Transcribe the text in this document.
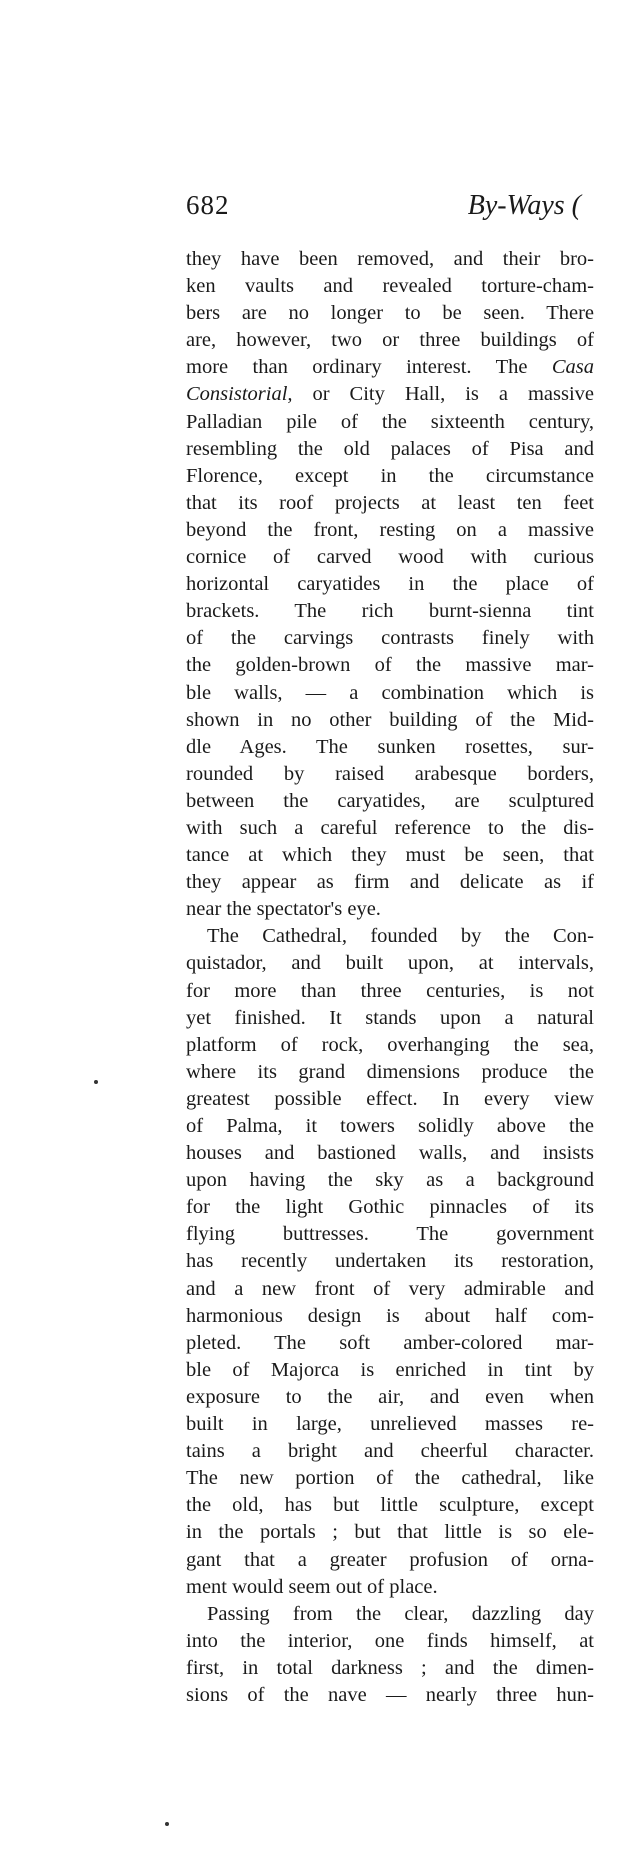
682	By-Ways (
they have been removed, and their bro-
ken vaults and revealed torture-cham-
bers are no longer to be seen. There
are, however, two or three buildings of
more than ordinary interest. The Casa
Consistorial, or City Hall, is a massive
Palladian pile of the sixteenth century,
resembling the old palaces of Pisa and
Florence, except in the circumstance
that its roof projects at least ten feet
beyond the front, resting on a massive
cornice of carved wood with curious
horizontal caryatides in the place of
brackets. The rich burnt-sienna tint
of the carvings contrasts finely with
the golden-brown of the massive mar-
ble walls, — a combination which is
shown in no other building of the Mid-
dle Ages. The sunken rosettes, sur-
rounded by raised arabesque borders,
between the caryatides, are sculptured
with such a careful reference to the dis-
tance at which they must be seen, that
they appear as firm and delicate as if
near the spectator's eye.
The Cathedral, founded by the Con-
quistador, and built upon, at intervals,
for more than three centuries, is not
yet finished. It stands upon a natural
platform of rock, overhanging the sea,
where its grand dimensions produce the
greatest possible effect. In every view
of Palma, it towers solidly above the
houses and bastioned walls, and insists
upon having the sky as a background
for the light Gothic pinnacles of its
flying buttresses. The government
has recently undertaken its restoration,
and a new front of very admirable and
harmonious design is about half com-
pleted. The soft amber-colored mar-
ble of Majorca is enriched in tint by
exposure to the air, and even when
built in large, unrelieved masses re-
tains a bright and cheerful character.
The new portion of the cathedral, like
the old, has but little sculpture, except
in the portals ; but that little is so ele-
gant that a greater profusion of orna-
ment would seem out of place.
Passing from the clear, dazzling day
into the interior, one finds himself, at
first, in total darkness ; and the dimen-
sions of the nave — nearly three hun-
